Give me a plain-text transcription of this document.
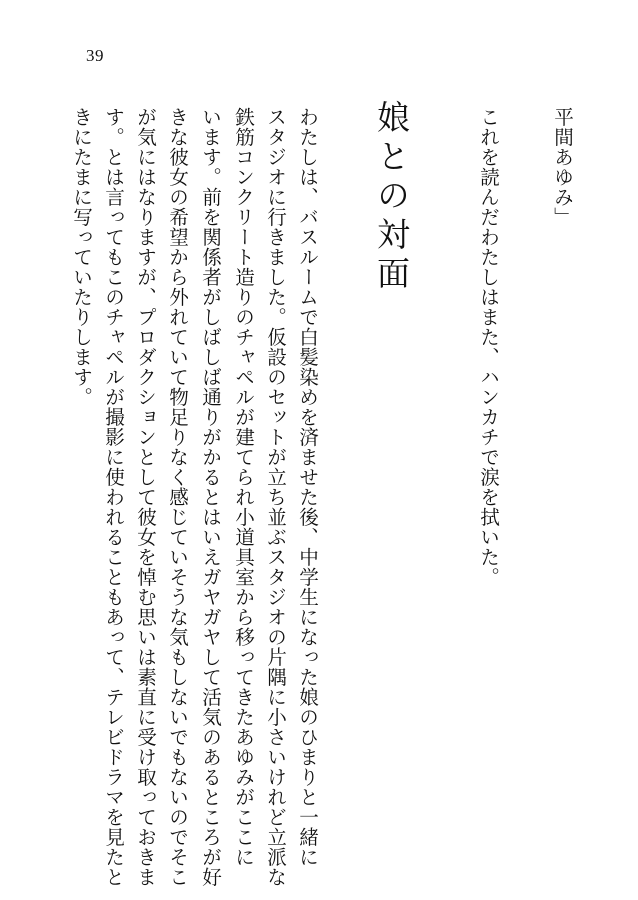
39
平間あゆみ」
これを読んだわたしはまた、ハンカチで涙を拭いた。
娘との対面
わたしは、バスルームで白髪染めを済ませた後、中学生になった娘のひまりと一緒に
スタジオに行きました。仮設のセットが立ち並ぶスタジオの片隅に小さいけれど立派な
鉄筋コンクリート造りのチャペルが建てられ小道具室から移ってきたあゆみがここに
います。前を関係者がしばしば通りがかるとはいえガヤガヤして活気のあるところが好
きな彼女の希望から外れていて物足りなく感じていそうな気もしないでもないのでそこ
が気にはなりますが、プロダクションとして彼女を悼む思いは素直に受け取っておきま
す。とは言ってもこのチャペルが撮影に使われることもあって、テレビドラマを見たと
きにたまに写っていたりします。
